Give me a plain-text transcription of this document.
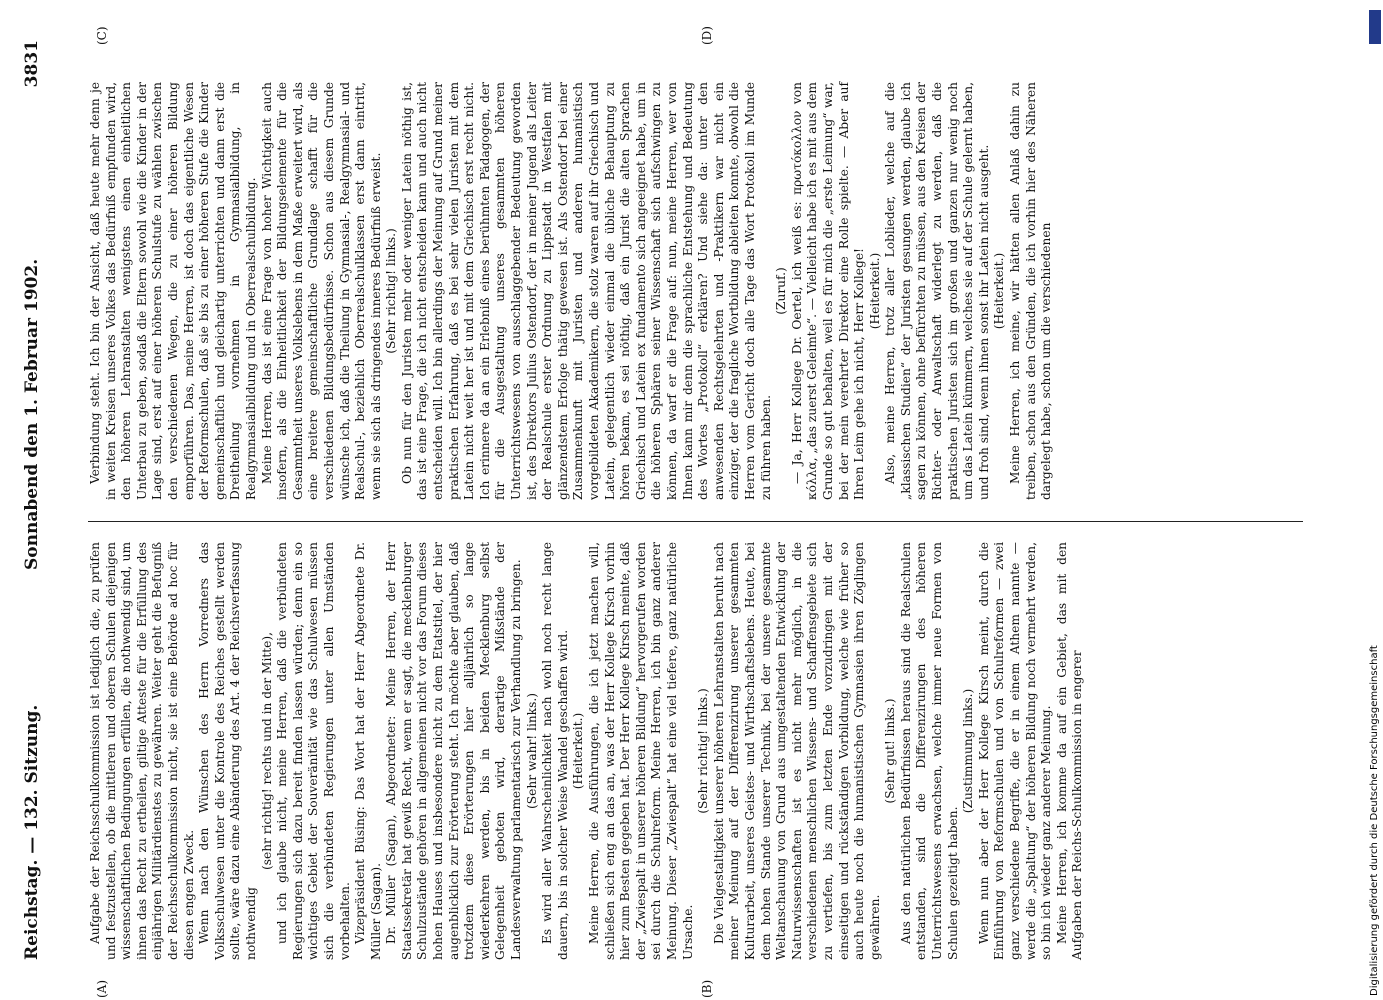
Reichstag. — 132. Sitzung.
Sonnabend den 1. Februar 1902.
3831
(A)	(B)
(C)	(D)

Aufgabe der Reichsschulkommission ist lediglich die, zu prüfen und festzustellen, ob die mittleren und oberen Schulen diejenigen wissenschaftlichen Bedingungen erfüllen, die nothwendig sind, um ihnen das Recht zu ertheilen, giltige Atteste für die Erfüllung des einjährigen Militärdienstes zu gewähren. Weiter geht die Befugniß der Reichsschulkommission nicht, sie ist eine Behörde ad hoc für diesen engen Zweck. Wenn nach den Wünschen des Herrn Vorredners das Volksschulwesen unter die Kontrole des Reiches gestellt werden sollte, wäre dazu eine Abänderung des Art. 4 der Reichsverfassung nothwendig

(sehr richtig! rechts und in der Mitte), und ich glaube nicht, meine Herren, daß die verbündeten Regierungen sich dazu bereit finden lassen würden; denn ein so wichtiges Gebiet der Souveränität wie das Schulwesen müssen sich die verbündeten Regierungen unter allen Umständen vorbehalten. Vizepräsident Büsing: Das Wort hat der Herr Abgeordnete Dr. Müller (Sagan). Dr. Müller (Sagan), Abgeordneter: Meine Herren, der Herr Staatssekretär hat gewiß Recht, wenn er sagt, die mecklenburger Schulzustände gehören in allgemeinen nicht vor das Forum dieses hohen Hauses und insbesondere nicht zu dem Etatstitel, der hier augenblicklich zur Erörterung steht. Ich möchte aber glauben, daß trotzdem diese Erörterungen hier alljährlich so lange wiederkehren werden, bis in beiden Mecklenburg selbst Gelegenheit geboten wird, derartige Mißstände der Landesverwaltung parlamentarisch zur Verhandlung zu bringen. (Sehr wahr! links.) Es wird aller Wahrscheinlichkeit nach wohl noch recht lange dauern, bis in solcher Weise Wandel geschaffen wird. (Heiterkeit.) Meine Herren, die Ausführungen, die ich jetzt machen will, schließen sich eng an das an, was der Herr Kollege Kirsch vorhin hier zum Besten gegeben hat. Der Herr Kollege Kirsch meinte, daß der „Zwiespalt in unserer höheren Bildung“ hervorgerufen worden sei durch die Schulreform. Meine Herren, ich bin ganz anderer Meinung. Dieser „Zwiespalt“ hat eine viel tiefere, ganz natürliche Ursache.

(Sehr richtig! links.) Die Vielgestaltigkeit unserer höheren Lehranstalten beruht nach meiner Meinung auf der Differenzirung unserer gesammten Kulturarbeit, unseres Geistes- und Wirthschaftslebens. Heute, bei dem hohen Stande unserer Technik, bei der unsere gesammte Weltanschauung von Grund aus umgestaltenden Entwicklung der Naturwissenschaften ist es nicht mehr möglich, in die verschiedenen menschlichen Wissens- und Schaffensgebiete sich zu vertiefen, bis zum letzten Ende vorzudringen mit der einseitigen und rückständigen Vorbildung, welche wie früher so auch heute noch die humanistischen Gymnasien ihren Zöglingen gewähren.

(Sehr gut! links.) Aus den natürlichen Bedürfnissen heraus sind die Realschulen entstanden, sind die Differenzirungen des höheren Unterrichtswesens erwachsen, welche immer neue Formen von Schulen gezeitigt haben.

(Zustimmung links.) Wenn nun aber der Herr Kollege Kirsch meint, durch die Einführung von Reformschulen und von Schulreformen — zwei ganz verschiedene Begriffe, die er in einem Athem nannte — werde die „Spaltung“ der höheren Bildung noch vermehrt werden, so bin ich wieder ganz anderer Meinung. Meine Herren, ich komme da auf ein Gebiet, das mit den Aufgaben der Reichs-Schulkommission in engerer

Verbindung steht. Ich bin der Ansicht, daß heute mehr denn je in weiten Kreisen unseres Volkes das Bedürfniß empfunden wird, den höheren Lehranstalten wenigstens einen einheitlichen Unterbau zu geben, sodaß die Eltern sowohl wie die Kinder in der Lage sind, erst auf einer höheren Schulstufe zu wählen zwischen den verschiedenen Wegen, die zu einer höheren Bildung emporführen. Das, meine Herren, ist doch das eigentliche Wesen der Reformschulen, daß sie bis zu einer höheren Stufe die Kinder gemeinschaftlich und gleichartig unterrichten und dann erst die Dreitheilung vornehmen in Gymnasialbildung, in Realgymnasialbildung und in Oberrealschulbildung. Meine Herren, das ist eine Frage von hoher Wichtigkeit auch insofern, als die Einheitlichkeit der Bildungselemente für die Gesammtheit unseres Volkslebens in dem Maße erweitert wird, als eine breitere gemeinschaftliche Grundlage schafft für die verschiedenen Bildungsbedürfnisse. Schon aus diesem Grunde wünsche ich, daß die Theilung in Gymnasial-, Realgymnasial- und Realschul-, beziehlich Oberrealschulklassen erst dann eintritt, wenn sie sich als dringendes inneres Bedürfniß erweist. (Sehr richtig! links.) Ob nun für den Juristen mehr oder weniger Latein nöthig ist, das ist eine Frage, die ich nicht entscheiden kann und auch nicht entscheiden will. Ich bin allerdings der Meinung auf Grund meiner praktischen Erfahrung, daß es bei sehr vielen Juristen mit dem Latein nicht weit her ist und mit dem Griechisch erst recht nicht. Ich erinnere da an ein Erlebniß eines berühmten Pädagogen, der für die Ausgestaltung unseres gesammten höheren Unterrichtswesens von ausschlaggebender Bedeutung geworden ist, des Direktors Julius Ostendorf, der in meiner Jugend als Leiter der Realschule erster Ordnung zu Lippstadt in Westfalen mit glänzendstem Erfolge thätig gewesen ist. Als Ostendorf bei einer Zusammenkunft mit Juristen und anderen humanistisch vorgebildeten Akademikern, die stolz waren auf ihr Griechisch und Latein, gelegentlich wieder einmal die übliche Behauptung zu hören bekam, es sei nöthig, daß ein Jurist die alten Sprachen Griechisch und Latein ex fundamento sich angeeignet habe, um in die höheren Sphären seiner Wissenschaft sich aufschwingen zu können, da warf er die Frage auf: nun, meine Herren, wer von Ihnen kann mir denn die sprachliche Entstehung und Bedeutung des Wortes „Protokoll“ erklären? Und siehe da: unter den anwesenden Rechtsgelehrten und -Praktikern war nicht ein einziger, der die fragliche Wortbildung ableiten konnte, obwohl die Herren vom Gericht doch alle Tage das Wort Protokoll im Munde zu führen haben.

(Zuruf.) — Ja, Herr Kollege Dr. Oertel, ich weiß es: πρωτόκολλον von κόλλα, „das zuerst Geleimte“. — Vielleicht habe ich es mit aus dem Grunde so gut behalten, weil es für mich die „erste Leimung“ war, bei der mein verehrter Direktor eine Rolle spielte. — Aber auf Ihren Leim gehe ich nicht, Herr Kollege! (Heiterkeit.) Also, meine Herren, trotz aller Loblieder, welche auf die „klassischen Studien“ der Juristen gesungen werden, glaube ich sagen zu können, ohne befürchten zu müssen, aus den Kreisen der Richter- oder Anwaltschaft widerlegt zu werden, daß die praktischen Juristen sich im großen und ganzen nur wenig noch um das Latein kümmern, welches sie auf der Schule gelernt haben, und froh sind, wenn ihnen sonst ihr Latein nicht ausgeht. (Heiterkeit.) Meine Herren, ich meine, wir hätten allen Anlaß dahin zu treiben, schon aus den Gründen, die ich vorhin hier des Näheren dargelegt habe, schon um die verschiedenen

Digitalisierung gefördert durch die Deutsche Forschungsgemeinschaft
